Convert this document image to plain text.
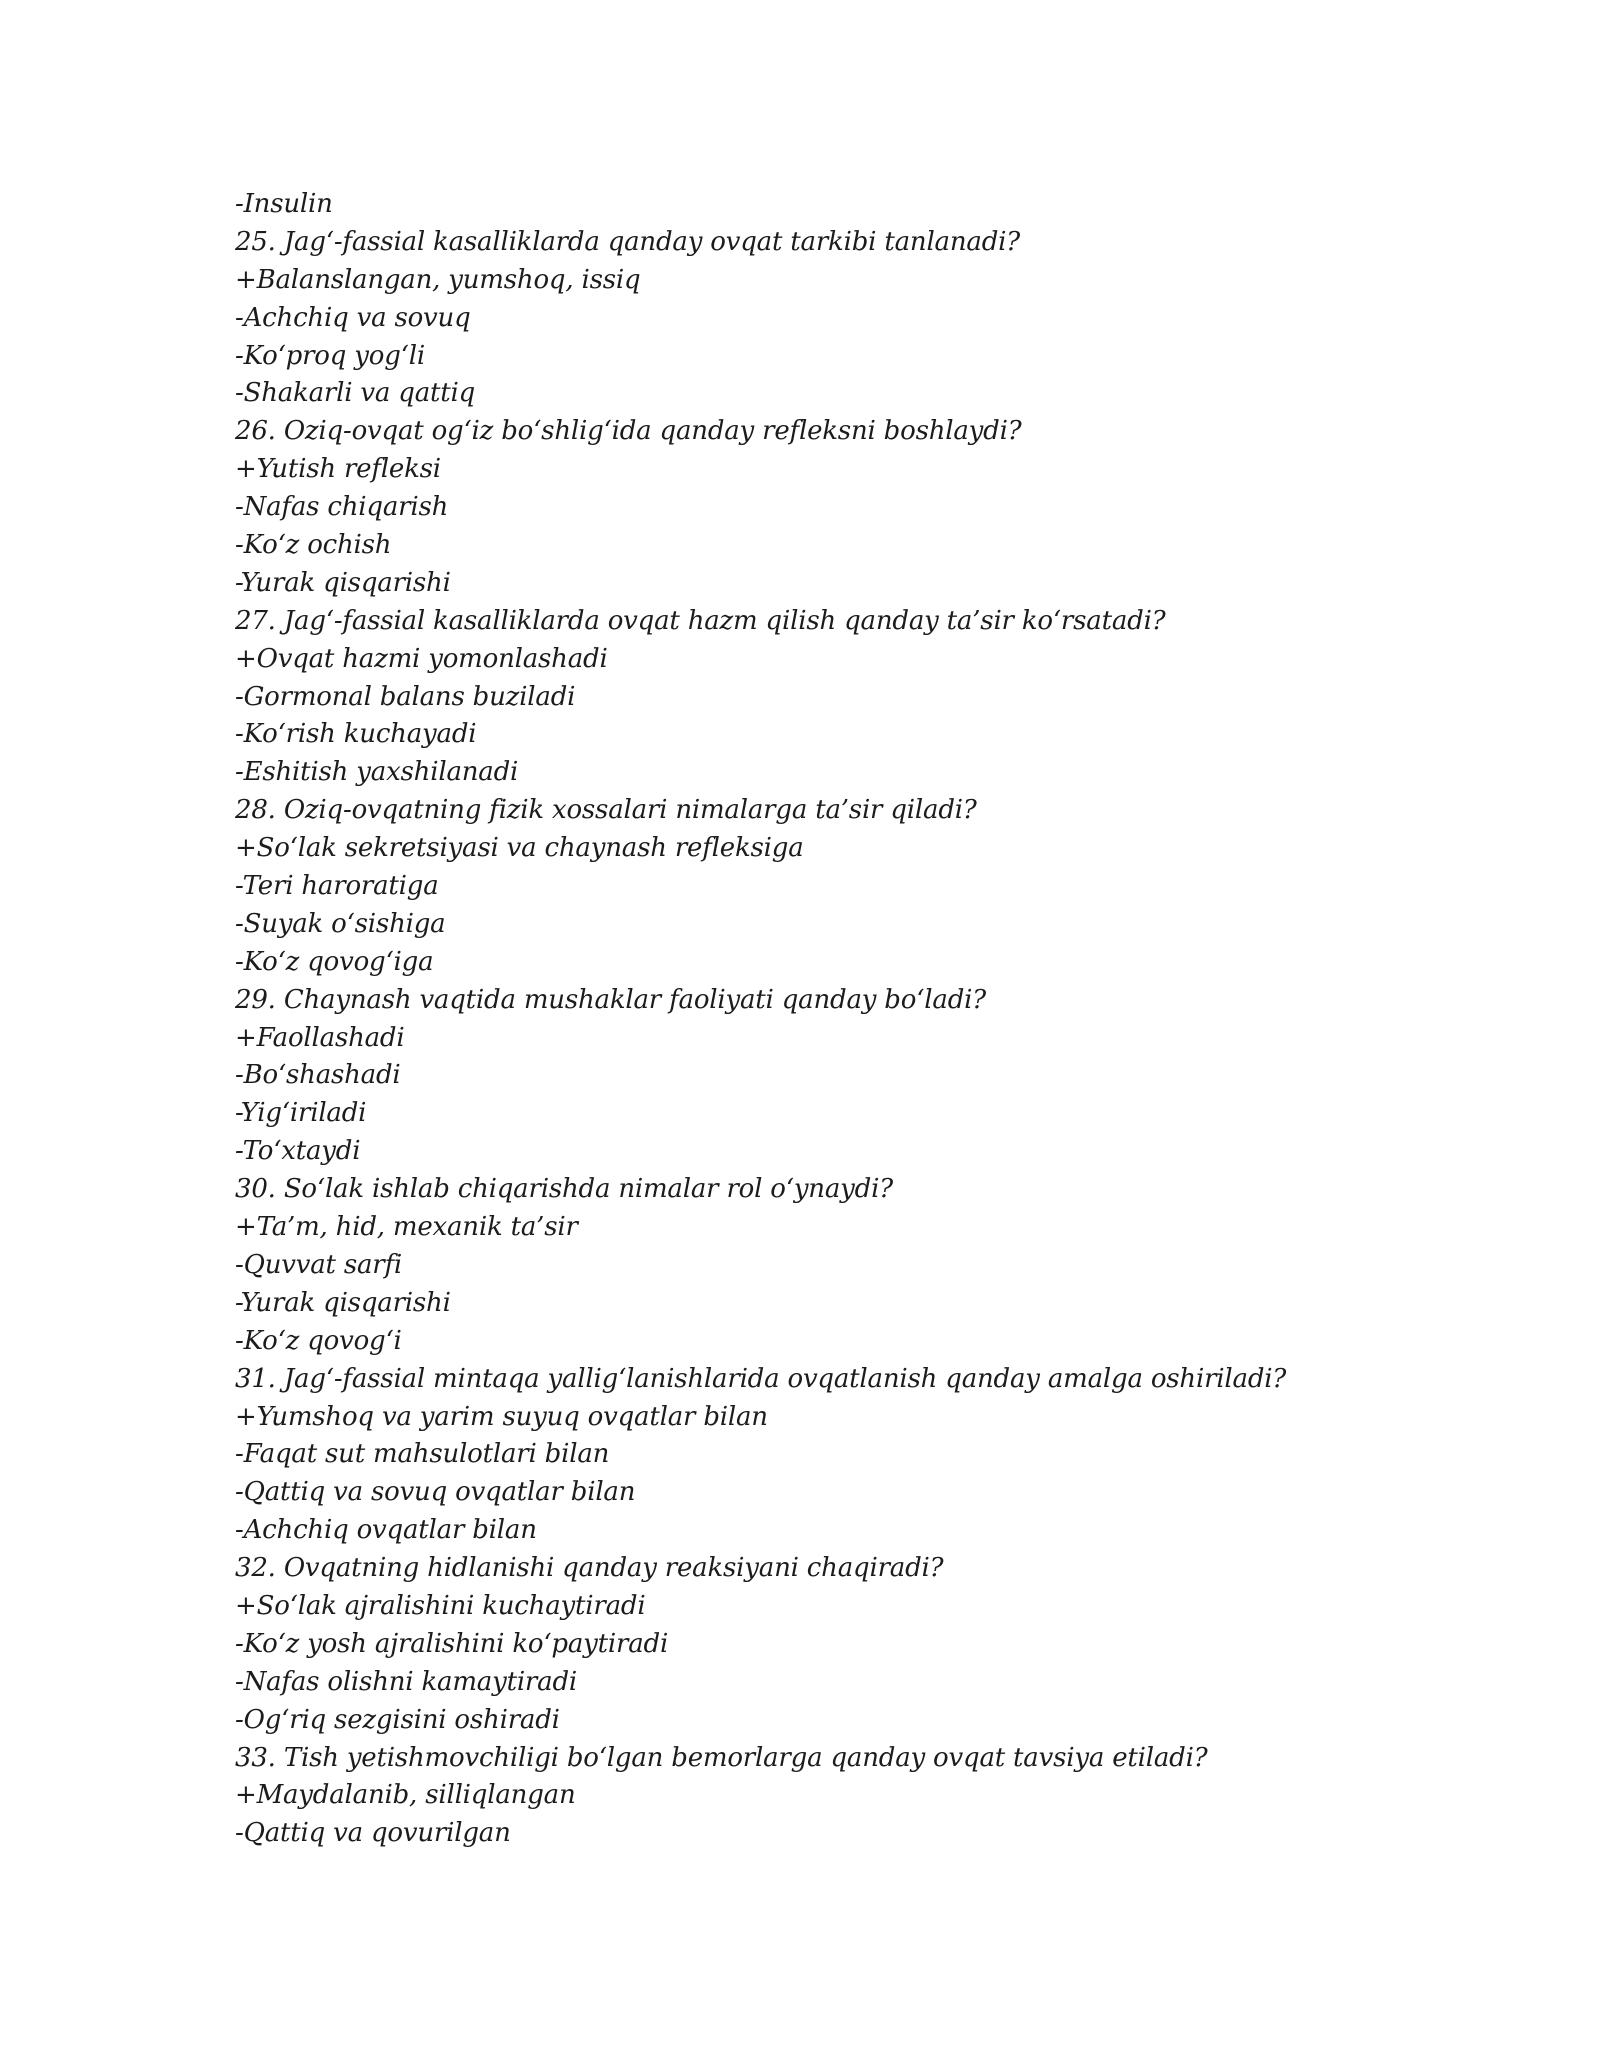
-Insulin
25. Jag‘-fassial kasalliklarda qanday ovqat tarkibi tanlanadi?
+Balanslangan, yumshoq, issiq
-Achchiq va sovuq
-Ko‘proq yog‘li
-Shakarli va qattiq
26. Oziq-ovqat og‘iz bo‘shlig‘ida qanday refleksni boshlaydi?
+Yutish refleksi
-Nafas chiqarish
-Ko‘z ochish
-Yurak qisqarishi
27. Jag‘-fassial kasalliklarda ovqat hazm qilish qanday ta’sir ko‘rsatadi?
+Ovqat hazmi yomonlashadi
-Gormonal balans buziladi
-Ko‘rish kuchayadi
-Eshitish yaxshilanadi
28. Oziq-ovqatning fizik xossalari nimalarga ta’sir qiladi?
+So‘lak sekretsiyasi va chaynash refleksiga
-Teri haroratiga
-Suyak o‘sishiga
-Ko‘z qovog‘iga
29. Chaynash vaqtida mushaklar faoliyati qanday bo‘ladi?
+Faollashadi
-Bo‘shashadi
-Yig‘iriladi
-To‘xtaydi
30. So‘lak ishlab chiqarishda nimalar rol o‘ynaydi?
+Ta’m, hid, mexanik ta’sir
-Quvvat sarfi
-Yurak qisqarishi
-Ko‘z qovog‘i
31. Jag‘-fassial mintaqa yallig‘lanishlarida ovqatlanish qanday amalga oshiriladi?
+Yumshoq va yarim suyuq ovqatlar bilan
-Faqat sut mahsulotlari bilan
-Qattiq va sovuq ovqatlar bilan
-Achchiq ovqatlar bilan
32. Ovqatning hidlanishi qanday reaksiyani chaqiradi?
+So‘lak ajralishini kuchaytiradi
-Ko‘z yosh ajralishini ko‘paytiradi
-Nafas olishni kamaytiradi
-Og‘riq sezgisini oshiradi
33. Tish yetishmovchiligi bo‘lgan bemorlarga qanday ovqat tavsiya etiladi?
+Maydalanib, silliqlangan
-Qattiq va qovurilgan
